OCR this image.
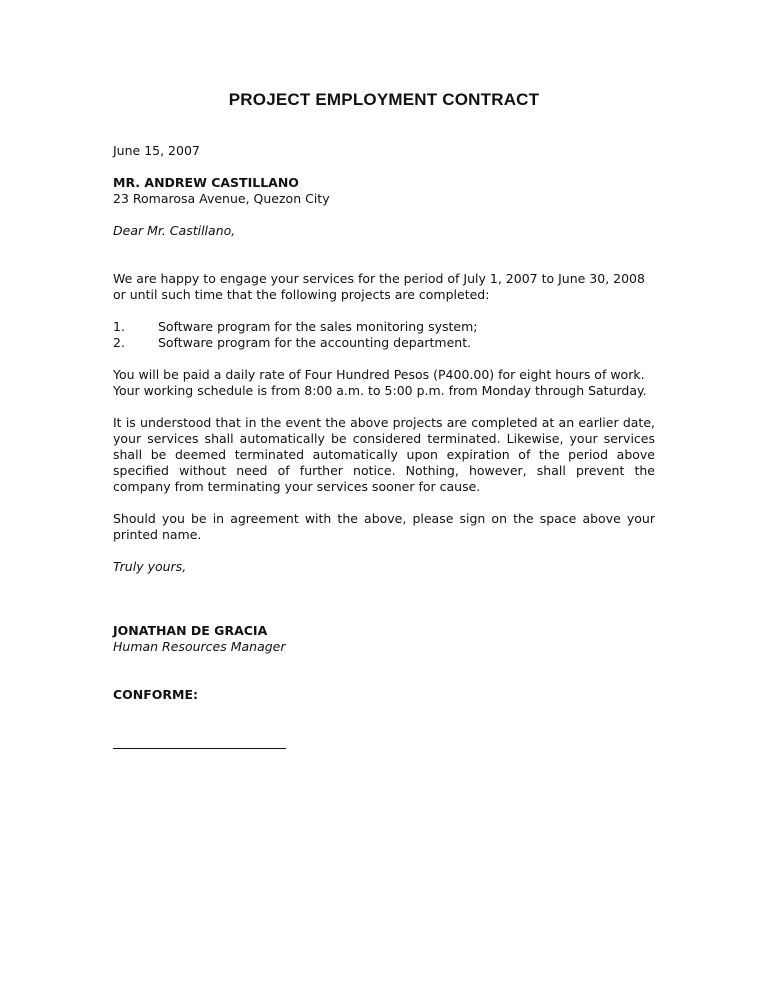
PROJECT EMPLOYMENT CONTRACT
June 15, 2007
MR. ANDREW CASTILLANO
23 Romarosa Avenue, Quezon City
Dear Mr. Castillano,
We are happy to engage your services for the period of July 1, 2007 to June 30, 2008
or until such time that the following projects are completed:
1.	Software program for the sales monitoring system;
2.	Software program for the accounting department.
You will be paid a daily rate of Four Hundred Pesos (P400.00) for eight hours of work.
Your working schedule is from 8:00 a.m. to 5:00 p.m. from Monday through Saturday.
It is understood that in the event the above projects are completed at an earlier date,
your services shall automatically be considered terminated. Likewise, your services
shall be deemed terminated automatically upon expiration of the period above
specified without need of further notice. Nothing, however, shall prevent the
company from terminating your services sooner for cause.
Should you be in agreement with the above, please sign on the space above your
printed name.
Truly yours,
JONATHAN DE GRACIA
Human Resources Manager
CONFORME:
